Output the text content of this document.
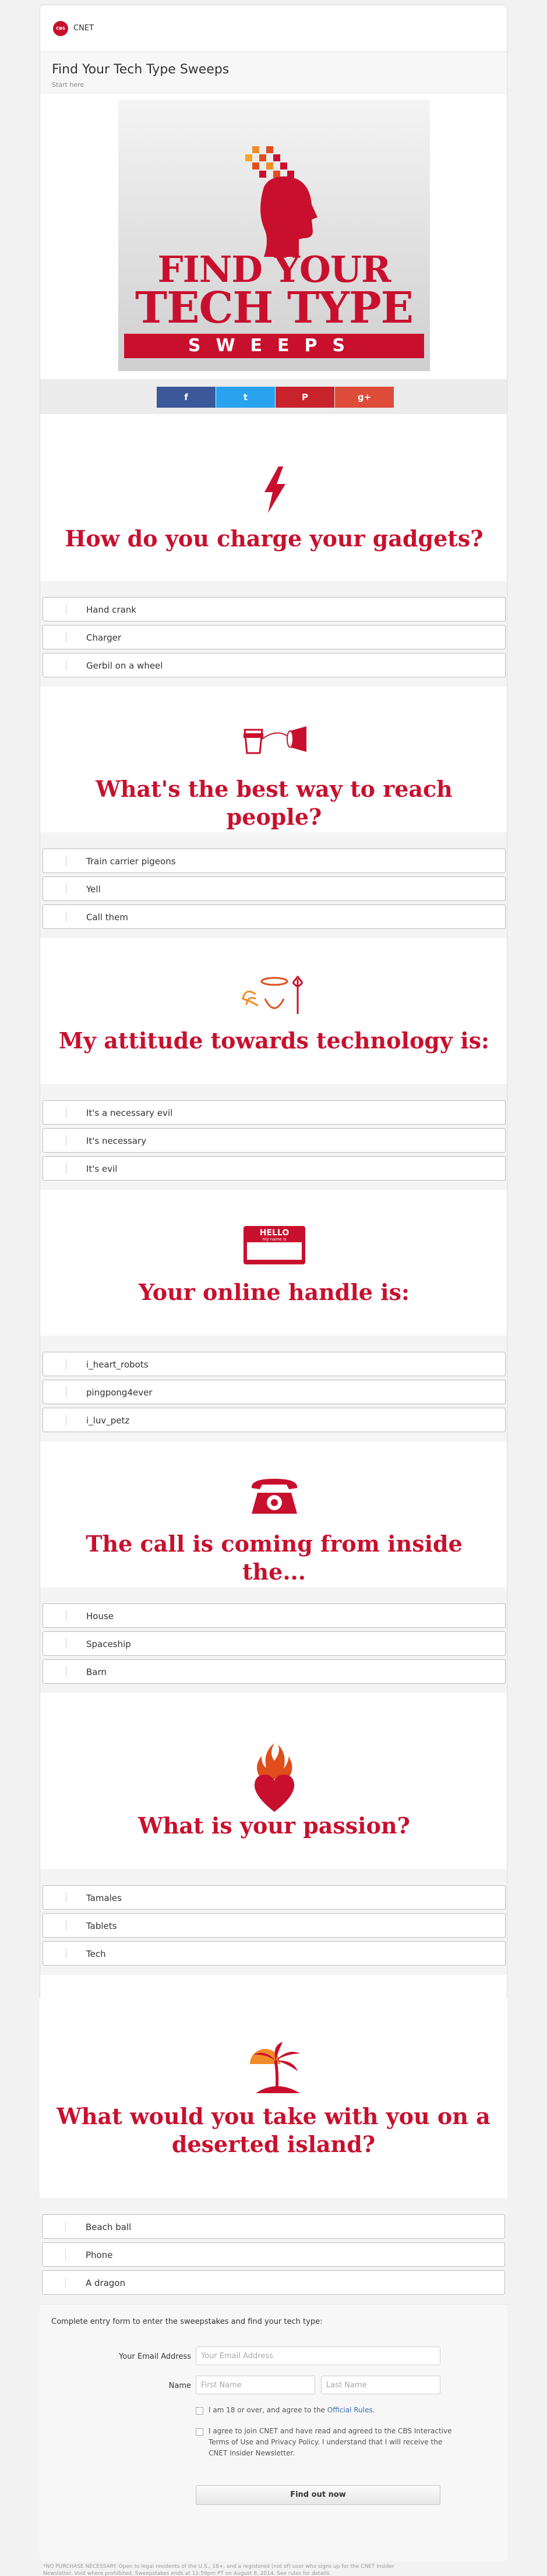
CBS	CNET
Find Your Tech Type Sweeps
Start here
FIND YOUR
TECH TYPE
SWEEPS
f	t	P	g+
How do you charge your gadgets?
Hand crank
Charger
Gerbil on a wheel
What's the best way to reach people?
Train carrier pigeons
Yell
Call them
My attitude towards technology is:
It's a necessary evil
It's necessary
It's evil
HELLO
my name is
Your online handle is:
i_heart_robots
pingpong4ever
i_luv_petz
The call is coming from inside the...
House
Spaceship
Barn
What is your passion?
Tamales
Tablets
Tech
What would you take with you on a deserted island?
Beach ball
Phone
A dragon
Complete entry form to enter the sweepstakes and find your tech type:
Your Email Address
Your Email Address
Name
First Name
Last Name
I am 18 or over, and agree to the Official Rules.
I agree to join CNET and have read and agreed to the CBS Interactive Terms of Use and Privacy Policy. I understand that I will receive the CNET Insider Newsletter.
Find out now
*NO PURCHASE NECESSARY. Open to legal residents of the U.S., 18+, and a registered (not of) user who signs up for the CNET Insider Newsletter. Void where prohibited. Sweepstakes ends at 11:59pm PT on August 8, 2014. See rules for details.
